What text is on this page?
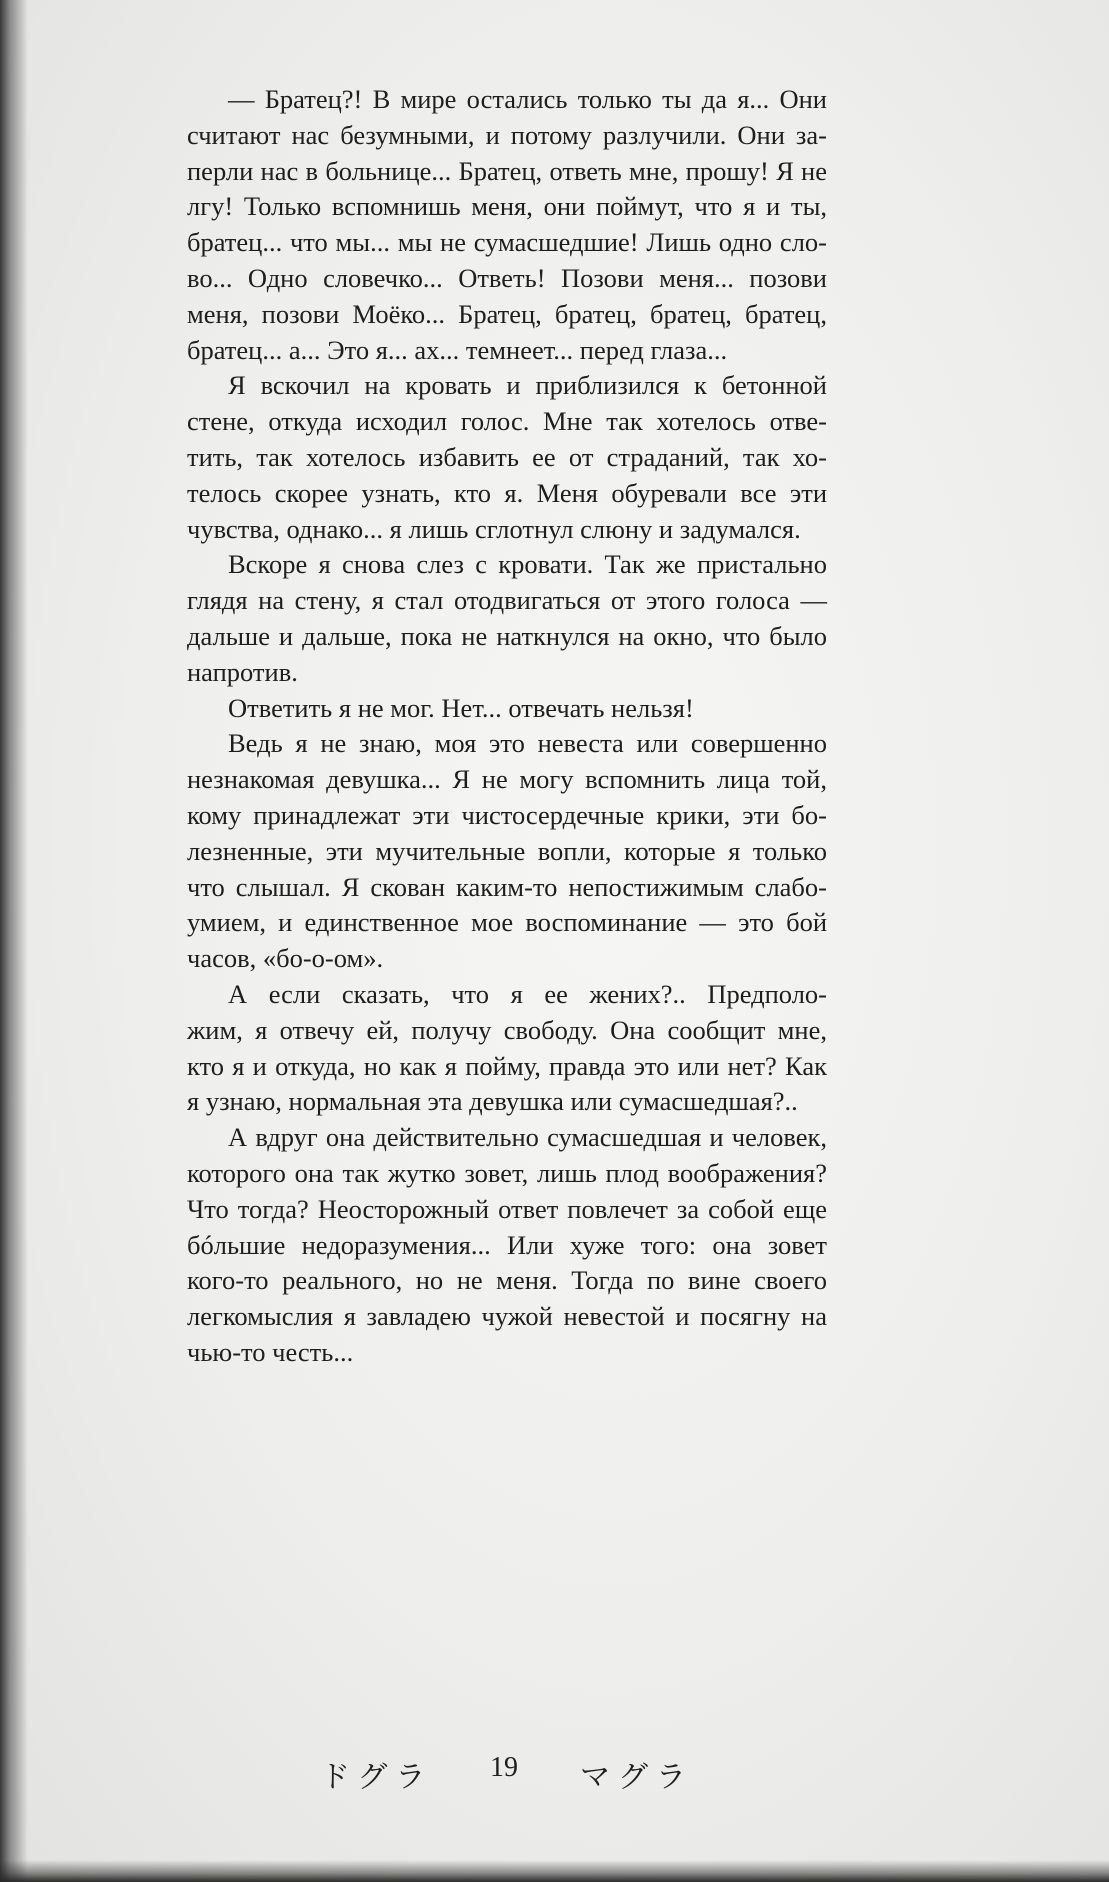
— Братец?! В мире остались только ты да я... Они
считают нас безумными, и потому разлучили. Они за-
перли нас в больнице... Братец, ответь мне, прошу! Я не
лгу! Только вспомнишь меня, они поймут, что я и ты,
братец... что мы... мы не сумасшедшие! Лишь одно сло-
во... Одно словечко... Ответь! Позови меня... позови
меня, позови Моёко... Братец, братец, братец, братец,
братец... а... Это я... ах... темнеет... перед глаза...
Я вскочил на кровать и приблизился к бетонной
стене, откуда исходил голос. Мне так хотелось отве-
тить, так хотелось избавить ее от страданий, так хо-
телось скорее узнать, кто я. Меня обуревали все эти
чувства, однако... я лишь сглотнул слюну и задумался.
Вскоре я снова слез с кровати. Так же пристально
глядя на стену, я стал отодвигаться от этого голоса —
дальше и дальше, пока не наткнулся на окно, что было
напротив.
Ответить я не мог. Нет... отвечать нельзя!
Ведь я не знаю, моя это невеста или совершенно
незнакомая девушка... Я не могу вспомнить лица той,
кому принадлежат эти чистосердечные крики, эти бо-
лезненные, эти мучительные вопли, которые я только
что слышал. Я скован каким-то непостижимым слабо-
умием, и единственное мое воспоминание — это бой
часов, «бо-о-ом».
А если сказать, что я ее жених?.. Предполо-
жим, я отвечу ей, получу свободу. Она сообщит мне,
кто я и откуда, но как я пойму, правда это или нет? Как
я узнаю, нормальная эта девушка или сумасшедшая?..
А вдруг она действительно сумасшедшая и человек,
которого она так жутко зовет, лишь плод воображения?
Что тогда? Неосторожный ответ повлечет за собой еще
бóльшие недоразумения... Или хуже того: она зовет
кого-то реального, но не меня. Тогда по вине своего
легкомыслия я завладею чужой невестой и посягну на
чью-то честь...
ドグラ 19 マグラ
